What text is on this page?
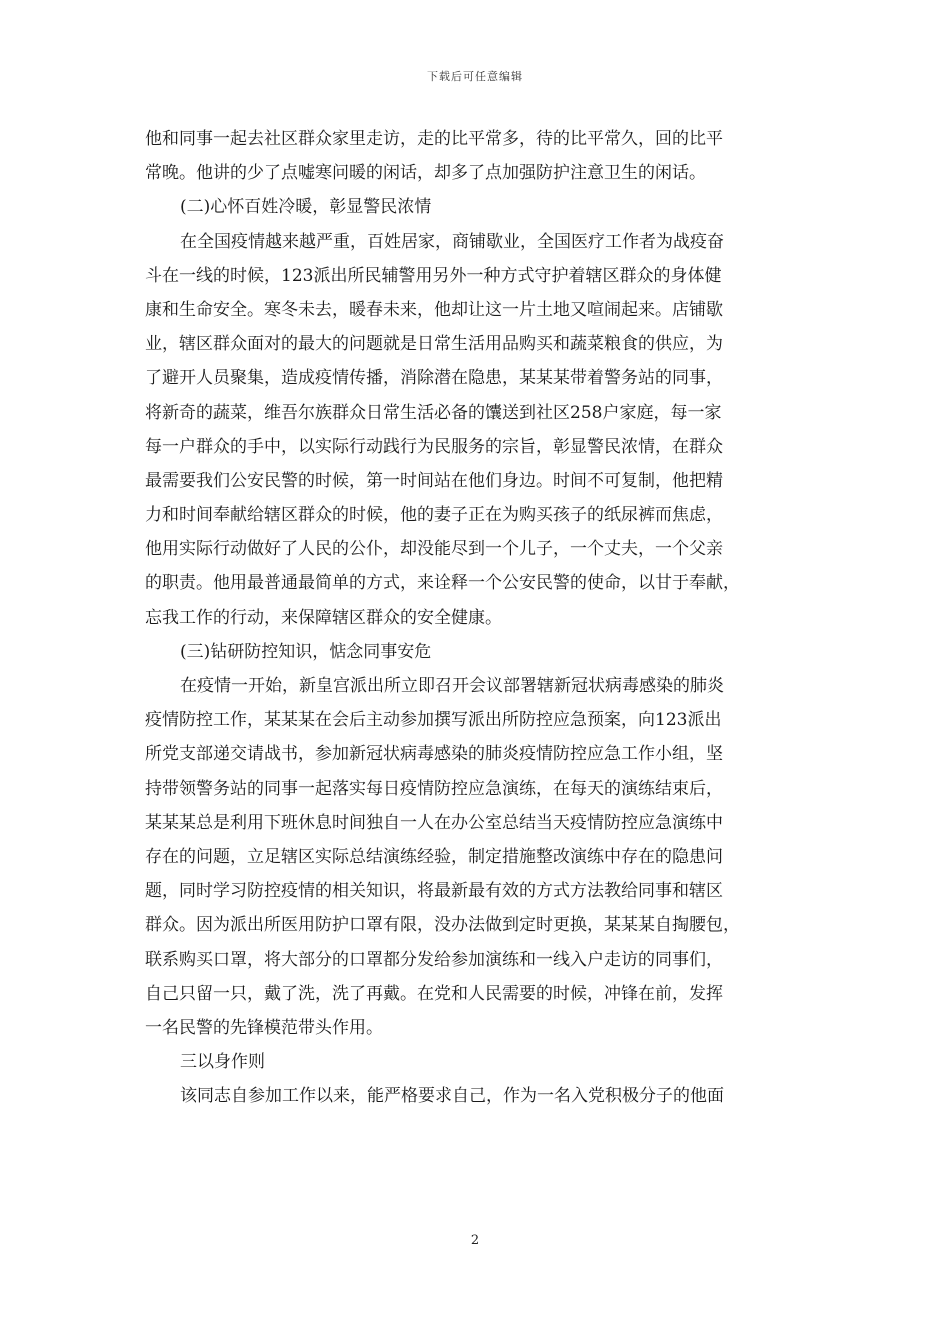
下载后可任意编辑
他和同事一起去社区群众家里走访，走的比平常多，待的比平常久，回的比平
常晚。他讲的少了点嘘寒问暖的闲话，却多了点加强防护注意卫生的闲话。
(二)心怀百姓冷暖，彰显警民浓情
在全国疫情越来越严重，百姓居家，商铺歇业，全国医疗工作者为战疫奋
斗在一线的时候，123派出所民辅警用另外一种方式守护着辖区群众的身体健
康和生命安全。寒冬未去，暖春未来，他却让这一片土地又喧闹起来。店铺歇
业，辖区群众面对的最大的问题就是日常生活用品购买和蔬菜粮食的供应，为
了避开人员聚集，造成疫情传播，消除潜在隐患，某某某带着警务站的同事，
将新奇的蔬菜，维吾尔族群众日常生活必备的馕送到社区258户家庭，每一家
每一户群众的手中，以实际行动践行为民服务的宗旨，彰显警民浓情，在群众
最需要我们公安民警的时候，第一时间站在他们身边。时间不可复制，他把精
力和时间奉献给辖区群众的时候，他的妻子正在为购买孩子的纸尿裤而焦虑，
他用实际行动做好了人民的公仆，却没能尽到一个儿子，一个丈夫，一个父亲
的职责。他用最普通最简单的方式，来诠释一个公安民警的使命，以甘于奉献，
忘我工作的行动，来保障辖区群众的安全健康。
(三)钻研防控知识，惦念同事安危
在疫情一开始，新皇宫派出所立即召开会议部署辖新冠状病毒感染的肺炎
疫情防控工作，某某某在会后主动参加撰写派出所防控应急预案，向123派出
所党支部递交请战书，参加新冠状病毒感染的肺炎疫情防控应急工作小组，坚
持带领警务站的同事一起落实每日疫情防控应急演练，在每天的演练结束后，
某某某总是利用下班休息时间独自一人在办公室总结当天疫情防控应急演练中
存在的问题，立足辖区实际总结演练经验，制定措施整改演练中存在的隐患问
题，同时学习防控疫情的相关知识，将最新最有效的方式方法教给同事和辖区
群众。因为派出所医用防护口罩有限，没办法做到定时更换，某某某自掏腰包，
联系购买口罩，将大部分的口罩都分发给参加演练和一线入户走访的同事们，
自己只留一只，戴了洗，洗了再戴。在党和人民需要的时候，冲锋在前，发挥
一名民警的先锋模范带头作用。
三以身作则
该同志自参加工作以来，能严格要求自己，作为一名入党积极分子的他面
2
